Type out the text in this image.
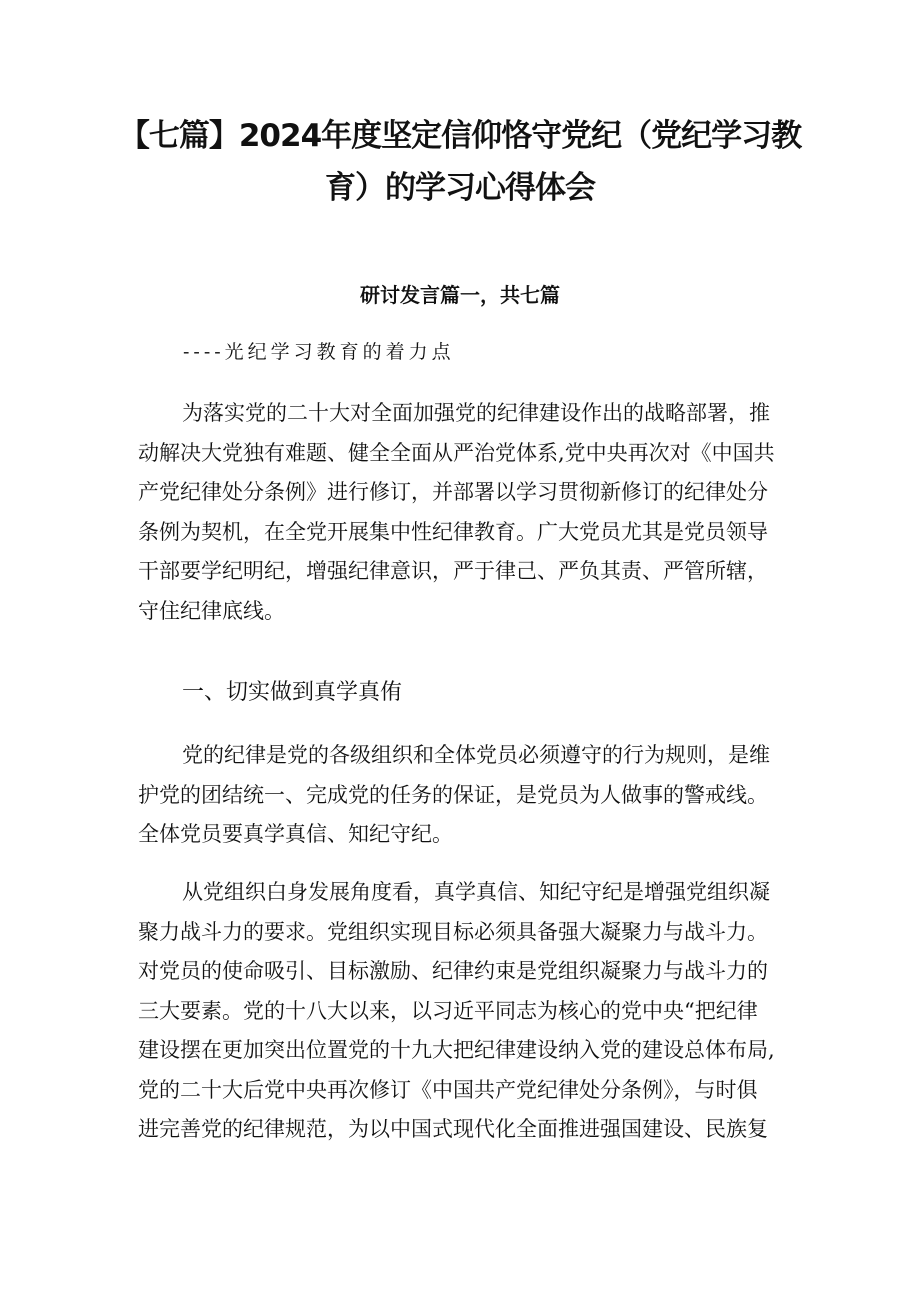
【七篇】2024年度坚定信仰恪守党纪（党纪学习教
育）的学习心得体会
研讨发言篇一，共七篇
----光纪学习教育的着力点
为落实党的二十大对全面加强党的纪律建设作出的战略部署，推
动解决大党独有难题、健全全面从严治党体系,党中央再次对《中国共
产党纪律处分条例》进行修订，并部署以学习贯彻新修订的纪律处分
条例为契机，在全党开展集中性纪律教育。广大党员尤其是党员领导
干部要学纪明纪，增强纪律意识，严于律己、严负其责、严管所辖，
守住纪律底线。
一、切实做到真学真侑
党的纪律是党的各级组织和全体党员必须遵守的行为规则，是维
护党的团结统一、完成党的任务的保证，是党员为人做事的警戒线。
全体党员要真学真信、知纪守纪。
从党组织白身发展角度看，真学真信、知纪守纪是增强党组织凝
聚力战斗力的要求。党组织实现目标必须具备强大凝聚力与战斗力。
对党员的使命吸引、目标激励、纪律约束是党组织凝聚力与战斗力的
三大要素。党的十八大以来，以习近平同志为核心的党中央“把纪律
建设摆在更加突出位置党的十九大把纪律建设纳入党的建设总体布局,
党的二十大后党中央再次修订《中国共产党纪律处分条例》，与时俱
进完善党的纪律规范，为以中国式现代化全面推进强国建设、民族复
